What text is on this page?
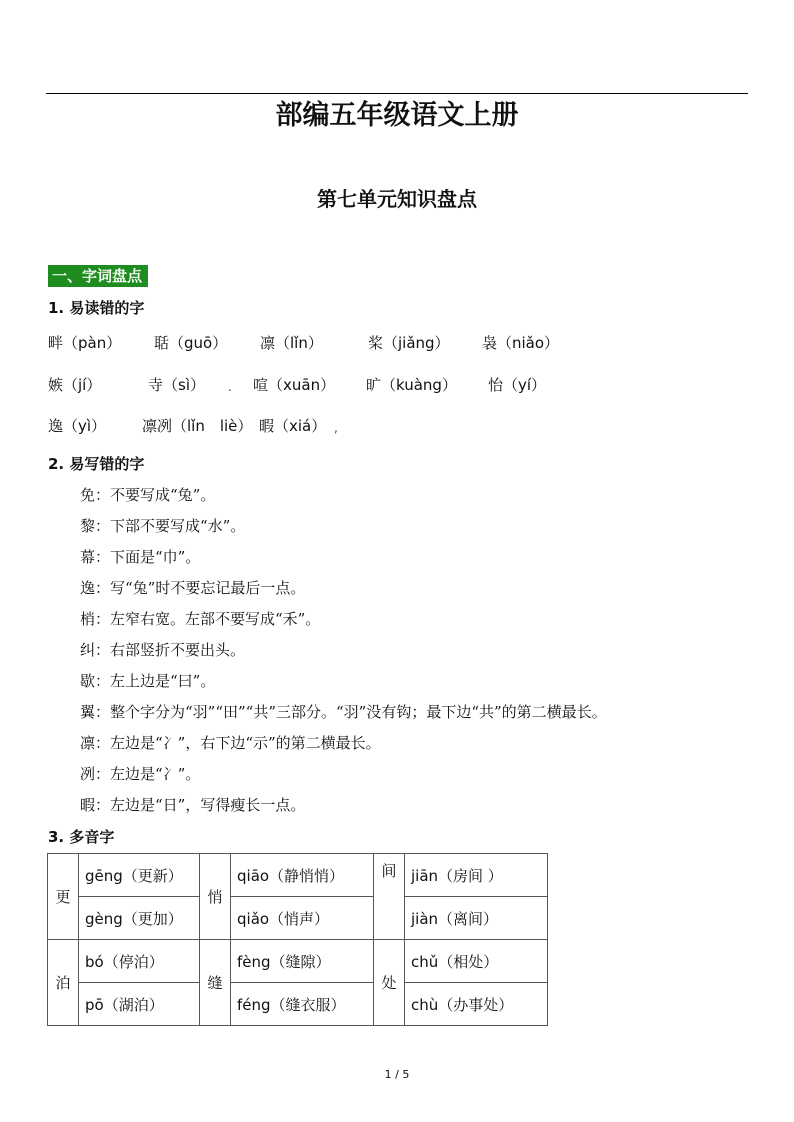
部编五年级语文上册
第七单元知识盘点
一、字词盘点
1. 易读错的字
畔（pàn） 聒（guō） 凛（lǐn）	桨（jiǎng） 袅（niǎo）
嫉（jí）	寺（sì）	喧（xuān） 旷（kuàng） 怡（yí）
.
逸（yì） 凛冽（lǐn　liè） 暇（xiá） ,
2. 易写错的字
免：不要写成“兔”。
黎：下部不要写成“水”。
幕：下面是“巾”。
逸：写“兔”时不要忘记最后一点。
梢：左窄右宽。左部不要写成“禾”。
纠：右部竖折不要出头。
歇：左上边是“曰”。
翼：整个字分为“羽”“田”“共”三部分。“羽”没有钩；最下边“共”的第二横最长。
凛：左边是“冫”，右下边“示”的第二横最长。
冽：左边是“冫”。
暇：左边是“日”，写得瘦长一点。
3. 多音字
更	gēng（更新）	悄	qiāo（静悄悄）	间	jiān（房间 ）
	gèng（更加）		qiǎo（悄声）		jiàn（离间）
泊	bó（停泊）	缝	fèng（缝隙）	处	chǔ（相处）
	pō（湖泊）		féng（缝衣服）		chù（办事处）
1 / 5
